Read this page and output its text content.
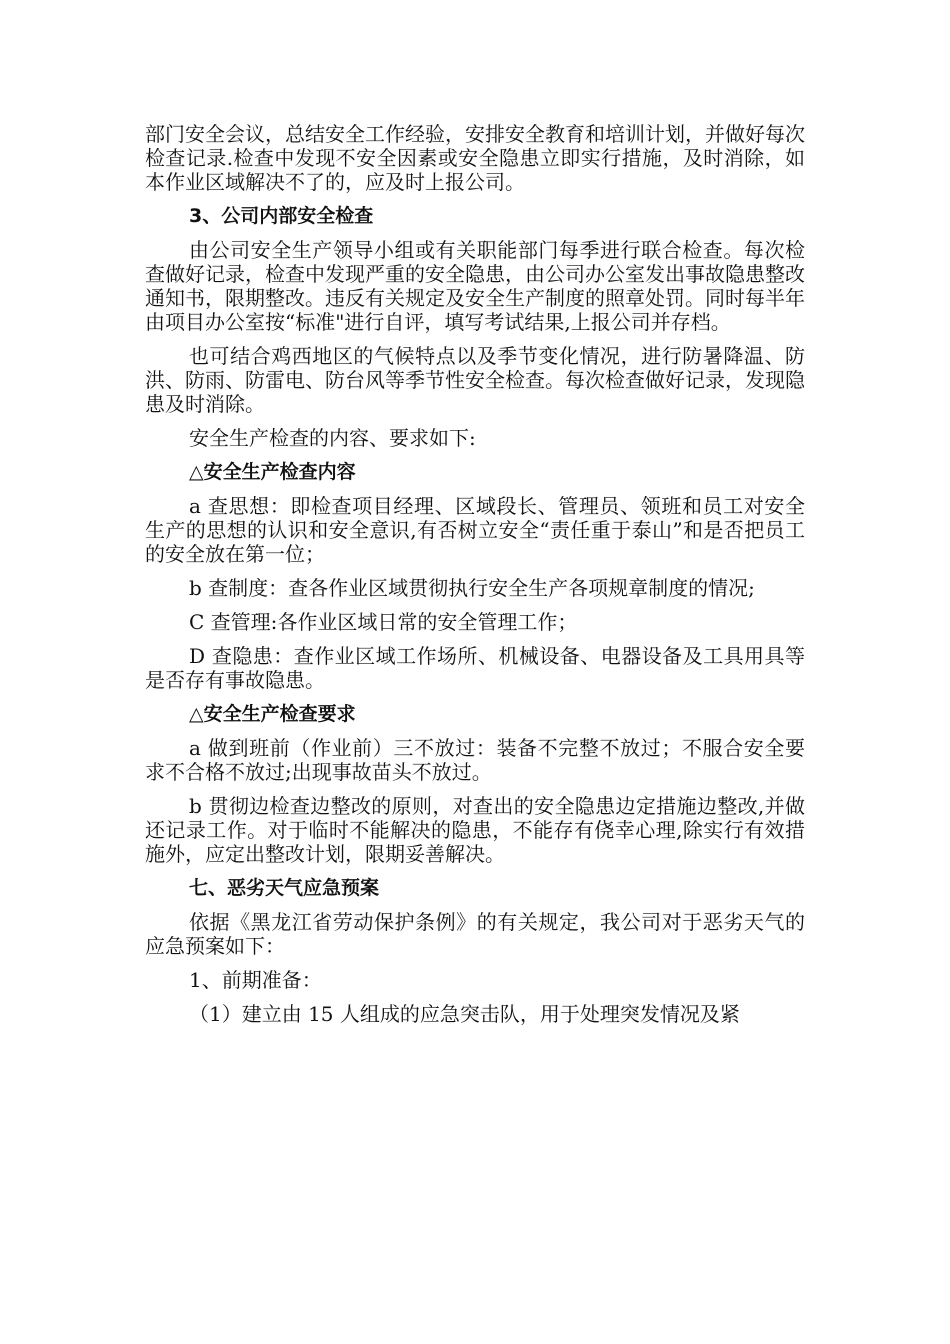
部门安全会议，总结安全工作经验，安排安全教育和培训计划，并做好每次检查记录.检查中发现不安全因素或安全隐患立即实行措施，及时消除，如本作业区域解决不了的，应及时上报公司。

3、公司内部安全检查

由公司安全生产领导小组或有关职能部门每季进行联合检查。每次检查做好记录，检查中发现严重的安全隐患，由公司办公室发出事故隐患整改通知书，限期整改。违反有关规定及安全生产制度的照章处罚。同时每半年由项目办公室按“标准"进行自评，填写考试结果,上报公司并存档。

也可结合鸡西地区的气候特点以及季节变化情况，进行防暑降温、防洪、防雨、防雷电、防台风等季节性安全检查。每次检查做好记录，发现隐患及时消除。

安全生产检查的内容、要求如下:

△安全生产检查内容

a 查思想：即检查项目经理、区域段长、管理员、领班和员工对安全生产的思想的认识和安全意识,有否树立安全“责任重于泰山”和是否把员工的安全放在第一位；

b 查制度：查各作业区域贯彻执行安全生产各项规章制度的情况;

C 查管理:各作业区域日常的安全管理工作；

D 查隐患：查作业区域工作场所、机械设备、电器设备及工具用具等是否存有事故隐患。

△安全生产检查要求

a 做到班前（作业前）三不放过：装备不完整不放过；不服合安全要求不合格不放过;出现事故苗头不放过。

b 贯彻边检查边整改的原则，对查出的安全隐患边定措施边整改,并做还记录工作。对于临时不能解决的隐患，不能存有侥幸心理,除实行有效措施外，应定出整改计划，限期妥善解决。

七、恶劣天气应急预案

依据《黑龙江省劳动保护条例》的有关规定，我公司对于恶劣天气的应急预案如下：

1、前期准备：

（1）建立由 15 人组成的应急突击队，用于处理突发情况及紧
